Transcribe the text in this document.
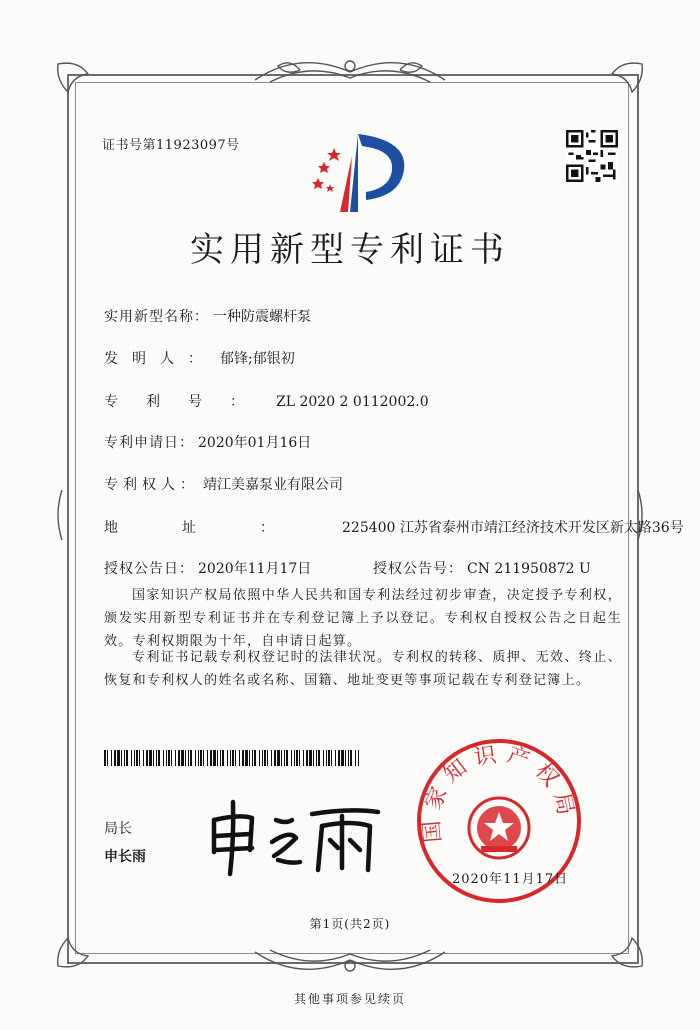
证书号第11923097号
实用新型专利证书
实用新型名称： 一种防震螺杆泵
发明人： 郁锋;郁银初
专利号： ZL 2020 2 0112002.0
专利申请日： 2020年01月16日
专利权人： 靖江美嘉泵业有限公司
地址： 225400 江苏省泰州市靖江经济技术开发区新太路36号
授权公告日： 2020年11月17日	授权公告号： CN 211950872 U
国家知识产权局依照中华人民共和国专利法经过初步审查，决定授予专利权，颁发实用新型专利证书并在专利登记簿上予以登记。专利权自授权公告之日起生效。专利权期限为十年，自申请日起算。
专利证书记载专利权登记时的法律状况。专利权的转移、质押、无效、终止、恢复和专利权人的姓名或名称、国籍、地址变更等事项记载在专利登记簿上。
局长
申长雨
国家知识产权局
2020年11月17日
第1页(共2页)
其他事项参见续页
